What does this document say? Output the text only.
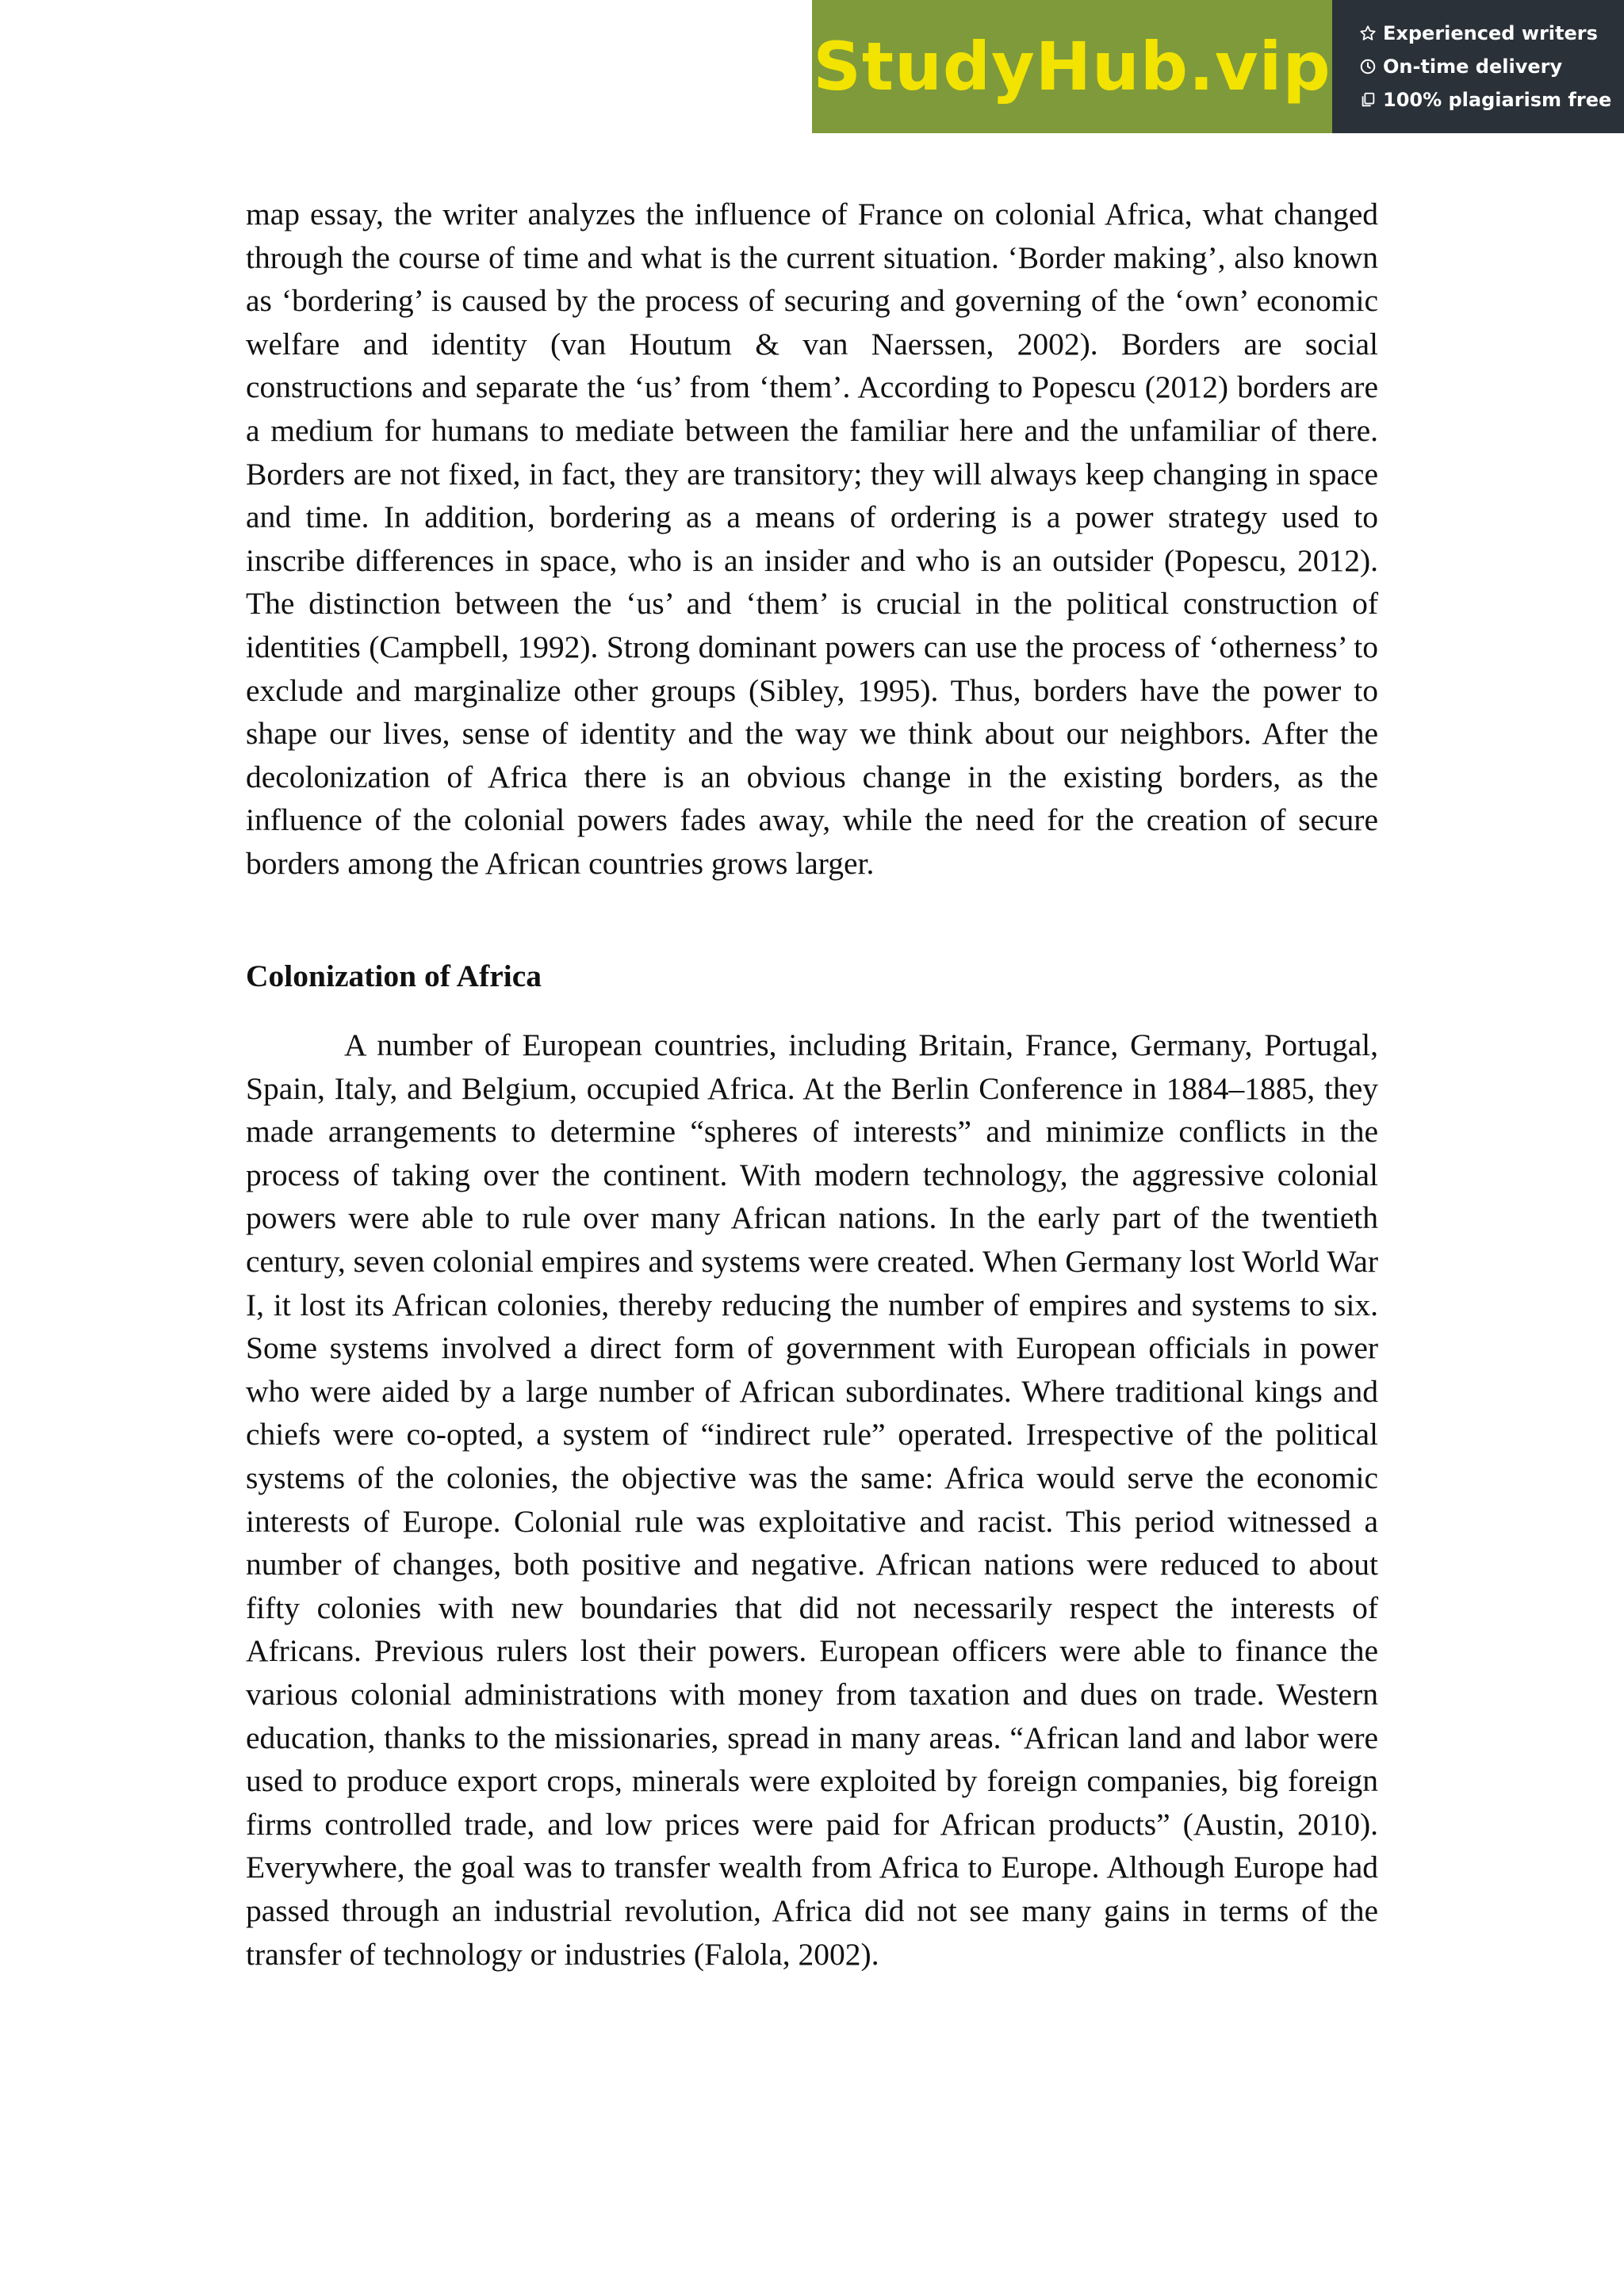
StudyHub.vip	Experienced writers
On-time delivery
100% plagiarism free

map essay, the writer analyzes the influence of France on colonial Africa, what changed through the course of time and what is the current situation. ‘Border making’, also known as ‘bordering’ is caused by the process of securing and governing of the ‘own’ economic welfare and identity (van Houtum & van Naerssen, 2002). Borders are social constructions and separate the ‘us’ from ‘them’. According to Popescu (2012) borders are a medium for humans to mediate between the familiar here and the unfamiliar of there. Borders are not fixed, in fact, they are transitory; they will always keep changing in space and time. In addition, bordering as a means of ordering is a power strategy used to inscribe differences in space, who is an insider and who is an outsider (Popescu, 2012). The distinction between the ‘us’ and ‘them’ is crucial in the political construction of identities (Campbell, 1992). Strong dominant powers can use the process of ‘otherness’ to exclude and marginalize other groups (Sibley, 1995). Thus, borders have the power to shape our lives, sense of identity and the way we think about our neighbors. After the decolonization of Africa there is an obvious change in the existing borders, as the influence of the colonial powers fades away, while the need for the creation of secure borders among the African countries grows larger.

Colonization of Africa

A number of European countries, including Britain, France, Germany, Portugal, Spain, Italy, and Belgium, occupied Africa. At the Berlin Conference in 1884–1885, they made arrangements to determine “spheres of interests” and minimize conflicts in the process of taking over the continent. With modern technology, the aggressive colonial powers were able to rule over many African nations. In the early part of the twentieth century, seven colonial empires and systems were created. When Germany lost World War I, it lost its African colonies, thereby reducing the number of empires and systems to six. Some systems involved a direct form of government with European officials in power who were aided by a large number of African subordinates. Where traditional kings and chiefs were co-opted, a system of “indirect rule” operated. Irrespective of the political systems of the colonies, the objective was the same: Africa would serve the economic interests of Europe. Colonial rule was exploitative and racist. This period witnessed a number of changes, both positive and negative. African nations were reduced to about fifty colonies with new boundaries that did not necessarily respect the interests of Africans. Previous rulers lost their powers. European officers were able to finance the various colonial administrations with money from taxation and dues on trade. Western education, thanks to the missionaries, spread in many areas. “African land and labor were used to produce export crops, minerals were exploited by foreign companies, big foreign firms controlled trade, and low prices were paid for African products” (Austin, 2010). Everywhere, the goal was to transfer wealth from Africa to Europe. Although Europe had passed through an industrial revolution, Africa did not see many gains in terms of the transfer of technology or industries (Falola, 2002).
